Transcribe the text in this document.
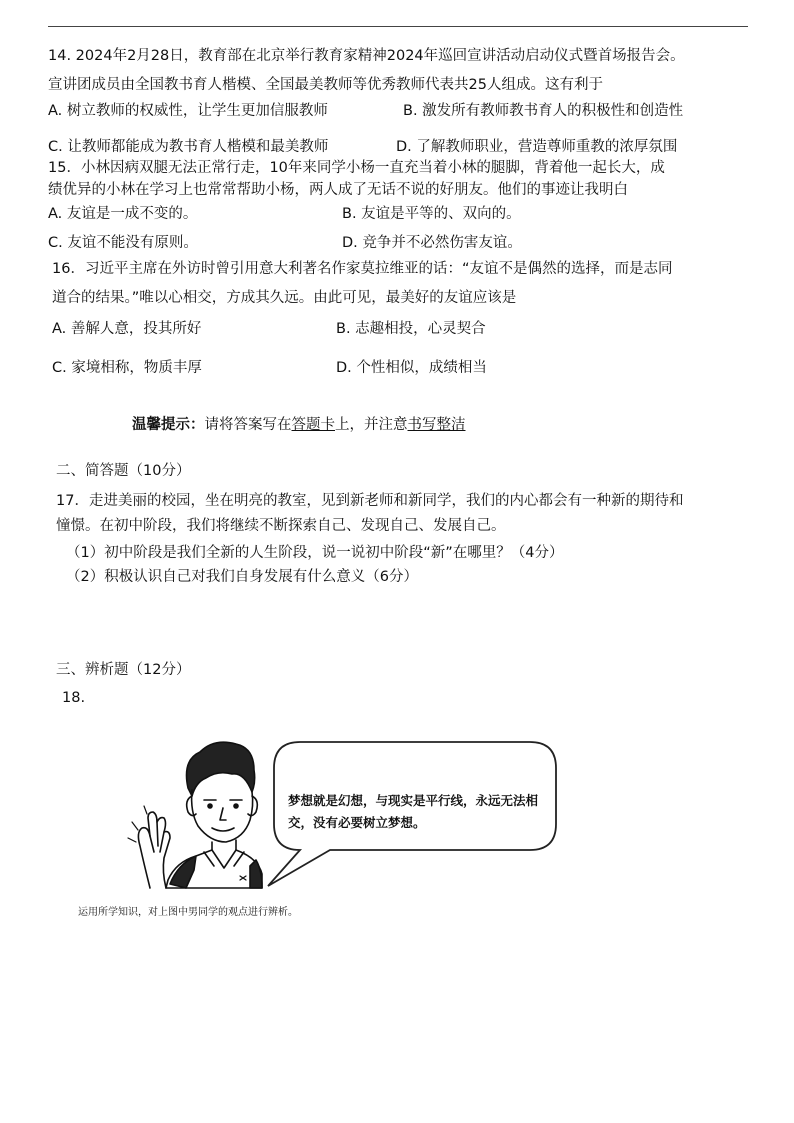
14. 2024年2月28日，教育部在北京举行教育家精神2024年巡回宣讲活动启动仪式暨首场报告会。
宣讲团成员由全国教书育人楷模、全国最美教师等优秀教师代表共25人组成。这有利于
A. 树立教师的权威性，让学生更加信服教师	B. 激发所有教师教书育人的积极性和创造性
C. 让教师都能成为教书育人楷模和最美教师	D. 了解教师职业，营造尊师重教的浓厚氛围
15．小林因病双腿无法正常行走，10年来同学小杨一直充当着小林的腿脚，背着他一起长大，成
绩优异的小林在学习上也常常帮助小杨，两人成了无话不说的好朋友。他们的事迹让我明白
A. 友谊是一成不变的。	B. 友谊是平等的、双向的。
C. 友谊不能没有原则。	D. 竞争并不必然伤害友谊。
16．习近平主席在外访时曾引用意大利著名作家莫拉维亚的话：“友谊不是偶然的选择，而是志同
道合的结果。”唯以心相交，方成其久远。由此可见，最美好的友谊应该是
A. 善解人意，投其所好	B. 志趣相投，心灵契合
C. 家境相称，物质丰厚	D. 个性相似，成绩相当
温馨提示：请将答案写在答题卡上，并注意书写整洁
二、简答题（10分）
17．走进美丽的校园，坐在明亮的教室，见到新老师和新同学，我们的内心都会有一种新的期待和
憧憬。在初中阶段，我们将继续不断探索自己、发现自己、发展自己。
（1）初中阶段是我们全新的人生阶段，说一说初中阶段“新”在哪里？（4分）
（2）积极认识自己对我们自身发展有什么意义（6分）
三、辨析题（12分）
18.
梦想就是幻想，与现实是平行线，永远无法相交，没有必要树立梦想。
运用所学知识，对上图中男同学的观点进行辨析。
